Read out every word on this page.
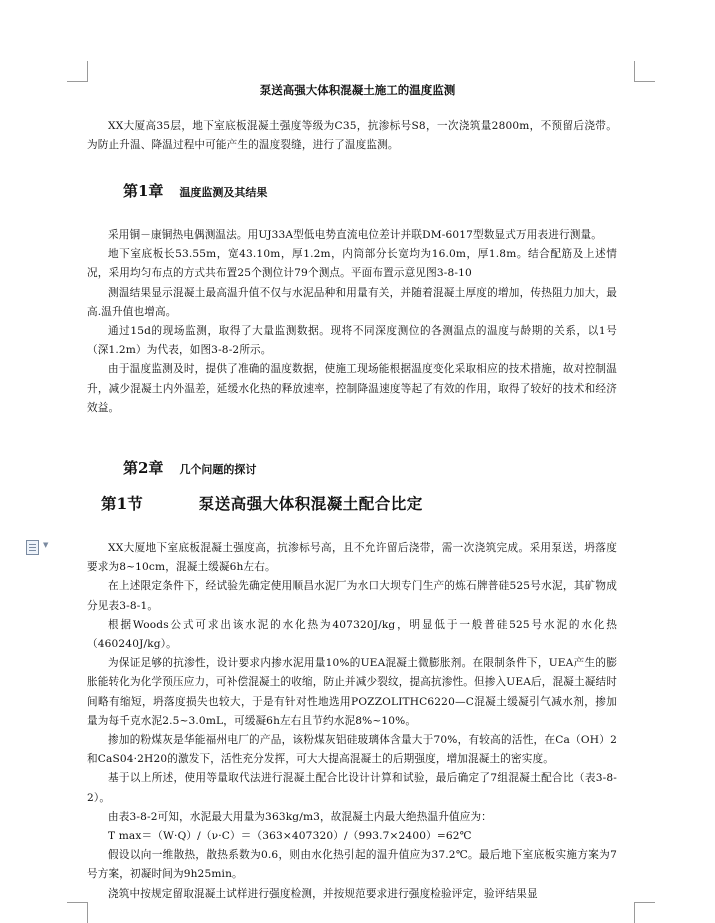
▼
泵送高强大体积混凝土施工的温度监测

XX大厦高35层，地下室底板混凝土强度等级为C35，抗渗标号S8，一次浇筑量2800m，不预留后浇带。为防止升温、降温过程中可能产生的温度裂缝，进行了温度监测。

第1章 温度监测及其结果

采用铜－康铜热电偶测温法。用UJ33A型低电势直流电位差计并联DM-6017型数显式万用表进行测量。

地下室底板长53.55m，宽43.10m，厚1.2m，内筒部分长宽均为16.0m，厚1.8m。结合配筋及上述情况，采用均匀布点的方式共布置25个测位计79个测点。平面布置示意见图3-8-10

测温结果显示混凝土最高温升值不仅与水泥品种和用量有关，并随着混凝土厚度的增加，传热阻力加大，最高.温升值也增高。

通过15d的现场监测，取得了大量监测数据。现将不同深度测位的各测温点的温度与龄期的关系，以1号（深1.2m）为代表，如图3-8-2所示。

由于温度监测及时，提供了准确的温度数据，使施工现场能根据温度变化采取相应的技术措施，故对控制温升，减少混凝土内外温差，延缓水化热的释放速率，控制降温速度等起了有效的作用，取得了较好的技术和经济效益。

第2章 几个问题的探讨
第1节	泵送高强大体积混凝土配合比定

XX大厦地下室底板混凝土强度高，抗渗标号高，且不允许留后浇带，需一次浇筑完成。采用泵送，坍落度要求为8~10cm，混凝土缓凝6h左右。

在上述限定条件下，经试验先确定使用顺昌水泥厂为水口大坝专门生产的炼石牌普硅525号水泥，其矿物成分见表3-8-1。

根据Woods公式可求出该水泥的水化热为407320J/kg，明显低于一般普硅525号水泥的水化热（460240J/kg）。

为保证足够的抗渗性，设计要求内掺水泥用量10%的UEA混凝土微膨胀剂。在限制条件下，UEA产生的膨胀能转化为化学预压应力，可补偿混凝土的收缩，防止并减少裂纹，提高抗渗性。但掺入UEA后，混凝土凝结时间略有缩短，坍落度损失也较大，于是有针对性地选用POZZOLITHC6220—C混凝土缓凝引气减水剂，掺加量为每千克水泥2.5~3.0mL，可缓凝6h左右且节约水泥8%~10%。

掺加的粉煤灰是华能福州电厂的产品，该粉煤灰铝硅玻璃体含量大于70%，有较高的活性，在Ca（OH）2和CaS04·2H20的激发下，活性充分发挥，可大大提高混凝土的后期强度，增加混凝土的密实度。

基于以上所述，使用等量取代法进行混凝土配合比设计计算和试验，最后确定了7组混凝土配合比（表3-8-2）。

由表3-8-2可知，水泥最大用量为363kg/m3，故混凝土内最大绝热温升值应为：

T max＝（W·Q）/（ν·C）＝（363×407320）/（993.7×2400）=62℃

假设以向一维散热，散热系数为0.6，则由水化热引起的温升值应为37.2℃。最后地下室底板实施方案为7号方案，初凝时间为9h25min。

浇筑中按规定留取混凝土试样进行强度检测，并按规范要求进行强度检验评定，验评结果显
